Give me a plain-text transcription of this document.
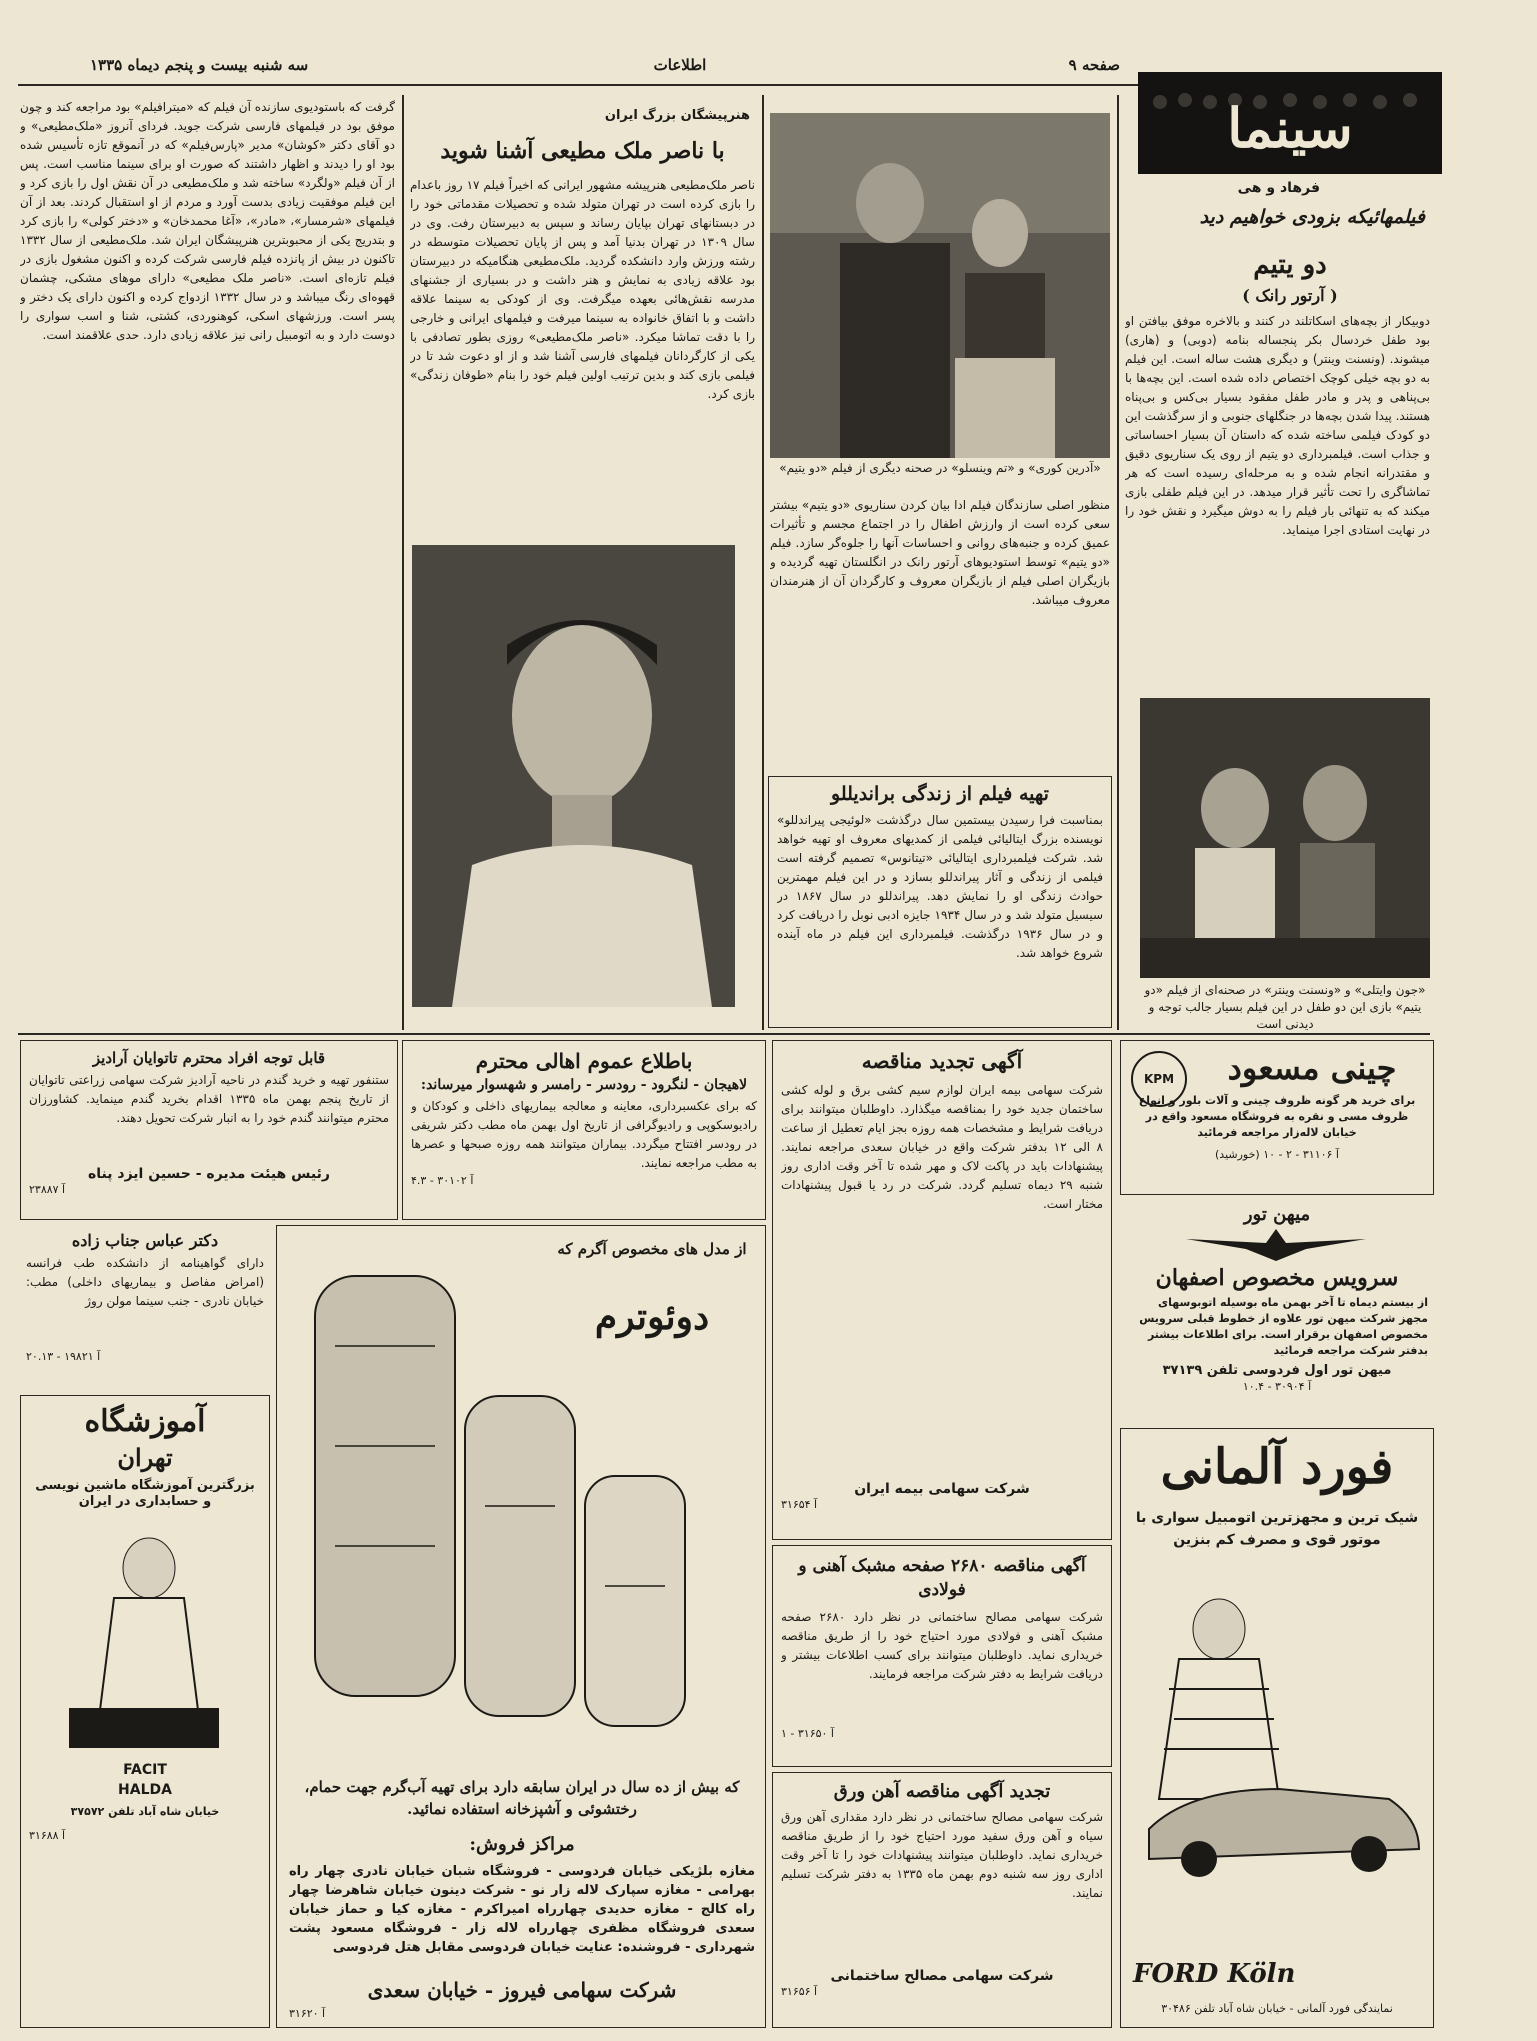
صفحه ۹
اطلاعات
سه شنبه بیست و پنجم دیماه ۱۳۳۵
سینما
فرهاد و هی
فیلمهائیکه بزودی خواهیم دید
دو یتیم
( آرتور رانک )
دوبیکار از بچه‌های اسکاتلند در کنند و بالاخره موفق بیافتن او بود طفل خردسال بکر پنجساله بنامه (دوبی) و (هاری) میشوند. (ونسنت وینتر) و دیگری هشت ساله است. این فیلم به دو بچه خیلی کوچک اختصاص داده شده است. این بچه‌ها با بی‌پناهی و پدر و مادر طفل مفقود بسیار بی‌کس و بی‌پناه هستند. پیدا شدن بچه‌ها در جنگلهای جنوبی و از سرگذشت این دو کودک فیلمی ساخته شده که داستان آن بسیار احساساتی و جذاب است. فیلمبرداری دو یتیم از روی یک سناریوی دقیق و مقتدرانه انجام شده و به مرحله‌ای رسیده است که هر تماشاگری را تحت تأثیر قرار میدهد. در این فیلم طفلی بازی میکند که به تنهائی بار فیلم را به دوش میگیرد و نقش خود را در نهایت استادی اجرا مینماید.
«آدرین کوری» و «تم وینسلو» در صحنه دیگری از فیلم «دو یتیم»
منظور اصلی سازندگان فیلم ادا بیان کردن سناریوی «دو یتیم» بیشتر سعی کرده است از وارزش اطفال را در اجتماع مجسم و تأثیرات عمیق کرده و جنبه‌های روانی و احساسات آنها را جلوه‌گر سازد. فیلم «دو یتیم» توسط استودیوهای آرتور رانک در انگلستان تهیه گردیده و بازیگران اصلی فیلم از بازیگران معروف و کارگردان آن از هنرمندان معروف میباشد.
«جون وایتلی» و «ونسنت وینتر» در صحنه‌ای از فیلم «دو یتیم» بازی این دو طفل در این فیلم بسیار جالب توجه و دیدنی است
هنرپیشگان بزرگ ایران
با ناصر ملک مطیعی آشنا شوید
ناصر ملک‌مطیعی هنرپیشه مشهور ایرانی که اخیراً فیلم ۱۷ روز باعدام را بازی کرده است در تهران متولد شده و تحصیلات مقدماتی خود را در دبستانهای تهران بپایان رساند و سپس به دبیرستان رفت. وی در سال ۱۳۰۹ در تهران بدنیا آمد و پس از پایان تحصیلات متوسطه در رشته ورزش وارد دانشکده گردید. ملک‌مطیعی هنگامیکه در دبیرستان بود علاقه زیادی به نمایش و هنر داشت و در بسیاری از جشنهای مدرسه نقش‌هائی بعهده میگرفت. وی از کودکی به سینما علاقه داشت و با اتفاق خانواده به سینما میرفت و فیلمهای ایرانی و خارجی را با دقت تماشا میکرد. «ناصر ملک‌مطیعی» روزی بطور تصادفی با یکی از کارگردانان فیلمهای فارسی آشنا شد و از او دعوت شد تا در فیلمی بازی کند و بدین ترتیب اولین فیلم خود را بنام «طوفان زندگی» بازی کرد.
گرفت که باستودیوی سازنده آن فیلم که «میترافیلم» بود مراجعه کند و چون موفق بود در فیلمهای فارسی شرکت جوید. فردای آنروز «ملک‌مطیعی» و دو آقای دکتر «کوشان» مدیر «پارس‌فیلم» که در آنموقع تازه تأسیس شده بود او را دیدند و اظهار داشتند که صورت او برای سینما مناسب است. پس از آن فیلم «ولگرد» ساخته شد و ملک‌مطیعی در آن نقش اول را بازی کرد و این فیلم موفقیت زیادی بدست آورد و مردم از او استقبال کردند. بعد از آن فیلمهای «شرمسار»، «مادر»، «آغا محمدخان» و «دختر کولی» را بازی کرد و بتدریج یکی از محبوبترین هنرپیشگان ایران شد. ملک‌مطیعی از سال ۱۳۳۲ تاکنون در بیش از پانزده فیلم فارسی شرکت کرده و اکنون مشغول بازی در فیلم تازه‌ای است. «ناصر ملک مطیعی» دارای موهای مشکی، چشمان قهوه‌ای رنگ میباشد و در سال ۱۳۳۲ ازدواج کرده و اکنون دارای یک دختر و پسر است. ورزشهای اسکی، کوهنوردی، کشتی، شنا و اسب سواری را دوست دارد و به اتومبیل رانی نیز علاقه زیادی دارد. حدی علاقمند است.
تهیه فیلم از زندگی براندیللو
بمناسبت فرا رسیدن بیستمین سال درگذشت «لوئیجی پیراندللو» نویسنده بزرگ ایتالیائی فیلمی از کمدیهای معروف او تهیه خواهد شد. شرکت فیلمبرداری ایتالیائی «تیتانوس» تصمیم گرفته است فیلمی از زندگی و آثار پیراندللو بسازد و در این فیلم مهمترین حوادث زندگی او را نمایش دهد. پیراندللو در سال ۱۸۶۷ در سیسیل متولد شد و در سال ۱۹۳۴ جایزه ادبی نوبل را دریافت کرد و در سال ۱۹۳۶ درگذشت. فیلمبرداری این فیلم در ماه آینده شروع خواهد شد.
KPM	چینی مسعود
برای خرید هر گونه ظروف چینی و آلات بلور و انواع ظروف مسی و نقره به فروشگاه مسعود واقع در خیابان لاله‌زار مراجعه فرمائید
آ ۳۱۱۰۶ - ۲ - ۱۰ (خورشید)
میهن تور
سرویس مخصوص اصفهان
از بیستم دیماه تا آخر بهمن ماه بوسیله اتوبوسهای مجهز شرکت میهن تور علاوه از خطوط قبلی سرویس مخصوص اصفهان برقرار است. برای اطلاعات بیشتر بدفتر شرکت مراجعه فرمائید
میهن تور اول فردوسی تلفن ۳۷۱۳۹
آ ۳۰۹۰۴ - ۱۰.۴
فورد آلمانی
شیک ترین و مجهزترین اتومبیل سواری با موتور قوی و مصرف کم بنزین
FORD Köln
نمایندگی فورد آلمانی - خیابان شاه آباد تلفن ۳۰۴۸۶
آگهی تجدید مناقصه
شرکت سهامی بیمه ایران لوازم سیم کشی برق و لوله کشی ساختمان جدید خود را بمناقصه میگذارد. داوطلبان میتوانند برای دریافت شرایط و مشخصات همه روزه بجز ایام تعطیل از ساعت ۸ الی ۱۲ بدفتر شرکت واقع در خیابان سعدی مراجعه نمایند. پیشنهادات باید در پاکت لاک و مهر شده تا آخر وقت اداری روز شنبه ۲۹ دیماه تسلیم گردد. شرکت در رد یا قبول پیشنهادات مختار است.
شرکت سهامی بیمه ایران
آ ۳۱۶۵۴
آگهی مناقصه ۲۶۸۰ صفحه مشبک آهنی و فولادی
شرکت سهامی مصالح ساختمانی در نظر دارد ۲۶۸۰ صفحه مشبک آهنی و فولادی مورد احتیاج خود را از طریق مناقصه خریداری نماید. داوطلبان میتوانند برای کسب اطلاعات بیشتر و دریافت شرایط به دفتر شرکت مراجعه فرمایند.
آ ۳۱۶۵۰ - ۱
تجدید آگهی مناقصه آهن ورق
شرکت سهامی مصالح ساختمانی در نظر دارد مقداری آهن ورق سیاه و آهن ورق سفید مورد احتیاج خود را از طریق مناقصه خریداری نماید. داوطلبان میتوانند پیشنهادات خود را تا آخر وقت اداری روز سه شنبه دوم بهمن ماه ۱۳۳۵ به دفتر شرکت تسلیم نمایند.
شرکت سهامی مصالح ساختمانی
آ ۳۱۶۵۶
باطلاع عموم اهالی محترم
لاهیجان - لنگرود - رودسر - رامسر و شهسوار میرساند:
که برای عکسبرداری، معاینه و معالجه بیماریهای داخلی و کودکان و رادیوسکوپی و رادیوگرافی از تاریخ اول بهمن ماه مطب دکتر شریفی در رودسر افتتاح میگردد. بیماران میتوانند همه روزه صبحها و عصرها به مطب مراجعه نمایند.
آ ۳۰۱۰۲ - ۴.۳
قابل توجه افراد محترم تاتوایان آرادیز
ستنفور تهیه و خرید گندم در ناحیه آرادیز شرکت سهامی زراعتی تاتوایان از تاریخ پنجم بهمن ماه ۱۳۳۵ اقدام بخرید گندم مینماید. کشاورزان محترم میتوانند گندم خود را به انبار شرکت تحویل دهند.
رئیس هیئت مدیره - حسین ایزد پناه
آ ۲۳۸۸۷
دکتر عباس جناب زاده
دارای گواهینامه از دانشکده طب فرانسه (امراض مفاصل و بیماریهای داخلی) مطب: خیابان نادری - جنب سینما مولن روژ
آ ۱۹۸۲۱ - ۲۰.۱۳
آموزشگاه
تهران
بزرگترین آموزشگاه ماشین نویسی و حسابداری در ایران
FACIT
HALDA
خیابان شاه آباد تلفن ۳۷۵۷۲
آ ۳۱۶۸۸
از مدل های مخصوص آگرم که
دوئوترم
که بیش از ده سال در ایران سابقه دارد برای تهیه آب‌گرم جهت حمام، رختشوئی و آشپزخانه استفاده نمائید.
مراکز فروش:
مغازه بلژیکی خیابان فردوسی - فروشگاه شبان خیابان نادری چهار راه بهرامی - مغازه سپارک لاله زار نو - شرکت دینون خیابان شاهرضا چهار راه کالج - مغازه حدیدی چهارراه امیراکرم - مغازه کیا و حماز خیابان سعدی فروشگاه مظفری چهارراه لاله زار - فروشگاه مسعود پشت شهرداری - فروشنده: عنایت خیابان فردوسی مقابل هتل فردوسی
شرکت سهامی فیروز - خیابان سعدی
آ ۳۱۶۲۰
